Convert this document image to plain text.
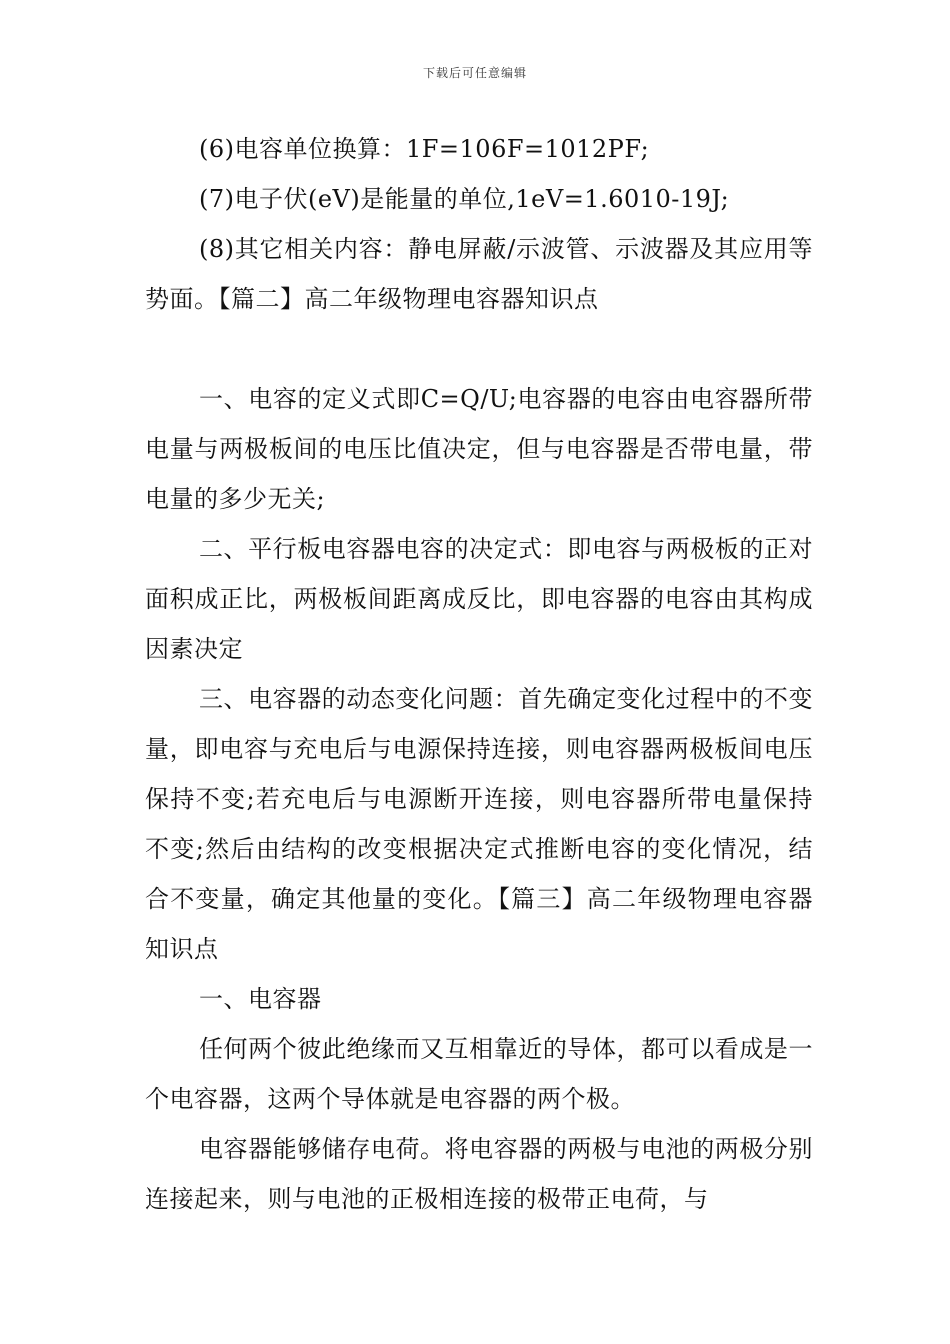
下载后可任意编辑

(6)电容单位换算：1F=106F=1012PF;

(7)电子伏(eV)是能量的单位,1eV=1.6010-19J;

(8)其它相关内容：静电屏蔽/示波管、示波器及其应用等势面。【篇二】高二年级物理电容器知识点

一、电容的定义式即C=Q/U;电容器的电容由电容器所带电量与两极板间的电压比值决定，但与电容器是否带电量，带电量的多少无关;

二、平行板电容器电容的决定式：即电容与两极板的正对面积成正比，两极板间距离成反比，即电容器的电容由其构成因素决定

三、电容器的动态变化问题：首先确定变化过程中的不变量，即电容与充电后与电源保持连接，则电容器两极板间电压保持不变;若充电后与电源断开连接，则电容器所带电量保持不变;然后由结构的改变根据决定式推断电容的变化情况，结合不变量，确定其他量的变化。【篇三】高二年级物理电容器知识点

一、电容器

任何两个彼此绝缘而又互相靠近的导体，都可以看成是一个电容器，这两个导体就是电容器的两个极。

电容器能够储存电荷。将电容器的两极与电池的两极分别连接起来，则与电池的正极相连接的极带正电荷，与
